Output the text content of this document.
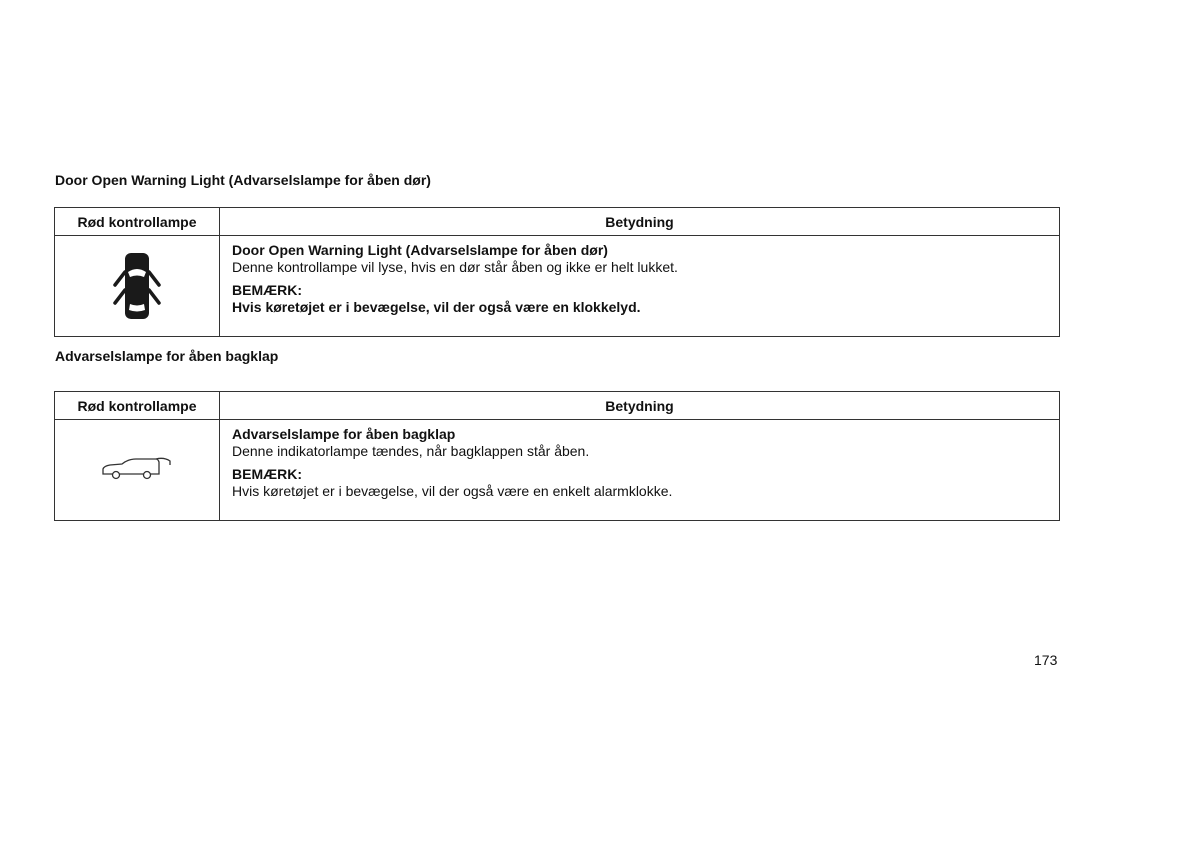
Door Open Warning Light (Advarselslampe for åben dør)
Rød kontrollampe	Betydning

Door Open Warning Light (Advarselslampe for åben dør)
Denne kontrollampe vil lyse, hvis en dør står åben og ikke er helt lukket.
BEMÆRK:
Hvis køretøjet er i bevægelse, vil der også være en klokkelyd.
Advarselslampe for åben bagklap
Rød kontrollampe	Betydning

Advarselslampe for åben bagklap
Denne indikatorlampe tændes, når bagklappen står åben.
BEMÆRK:
Hvis køretøjet er i bevægelse, vil der også være en enkelt alarmklokke.
173
